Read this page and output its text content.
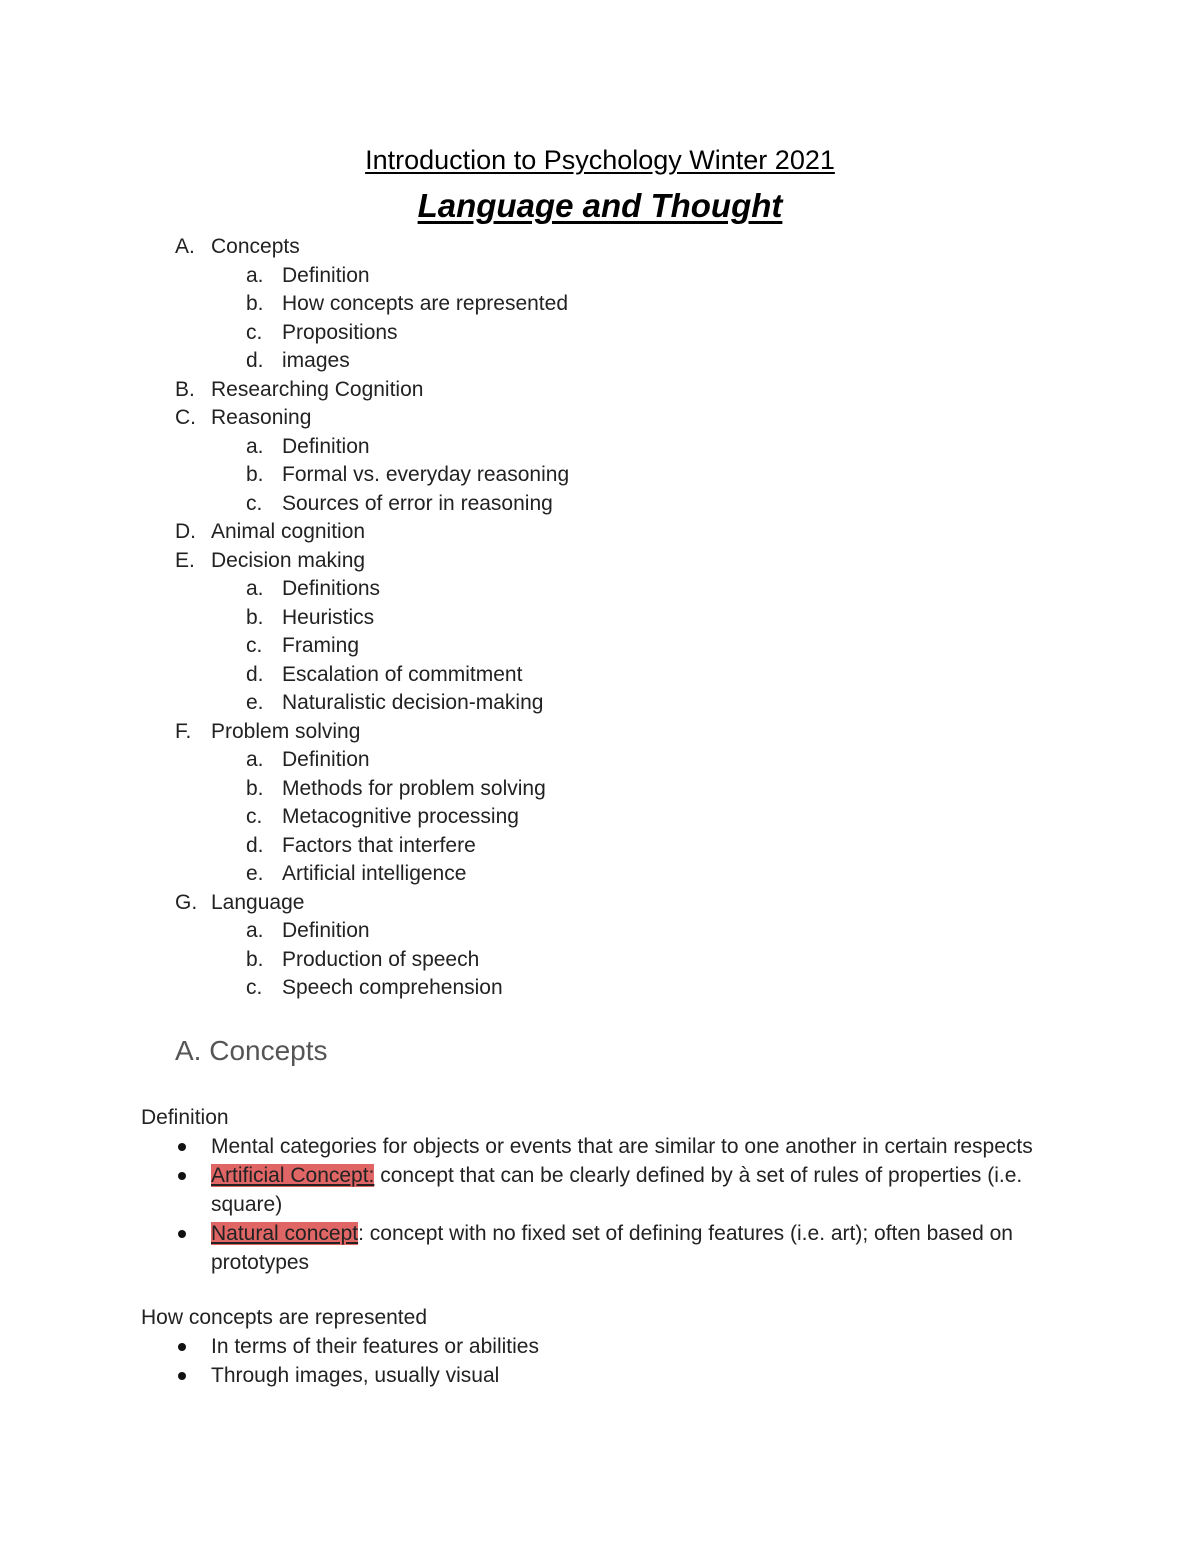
Introduction to Psychology Winter 2021
Language and Thought
A. Concepts
a. Definition
b. How concepts are represented
c. Propositions
d. images
B. Researching Cognition
C. Reasoning
a. Definition
b. Formal vs. everyday reasoning
c. Sources of error in reasoning
D. Animal cognition
E. Decision making
a. Definitions
b. Heuristics
c. Framing
d. Escalation of commitment
e. Naturalistic decision-making
F. Problem solving
a. Definition
b. Methods for problem solving
c. Metacognitive processing
d. Factors that interfere
e. Artificial intelligence
G. Language
a. Definition
b. Production of speech
c. Speech comprehension
A. Concepts
Definition
Mental categories for objects or events that are similar to one another in certain respects
Artificial Concept: concept that can be clearly defined by à set of rules of properties (i.e. square)
Natural concept: concept with no fixed set of defining features (i.e. art); often based on prototypes
How concepts are represented
In terms of their features or abilities
Through images, usually visual
